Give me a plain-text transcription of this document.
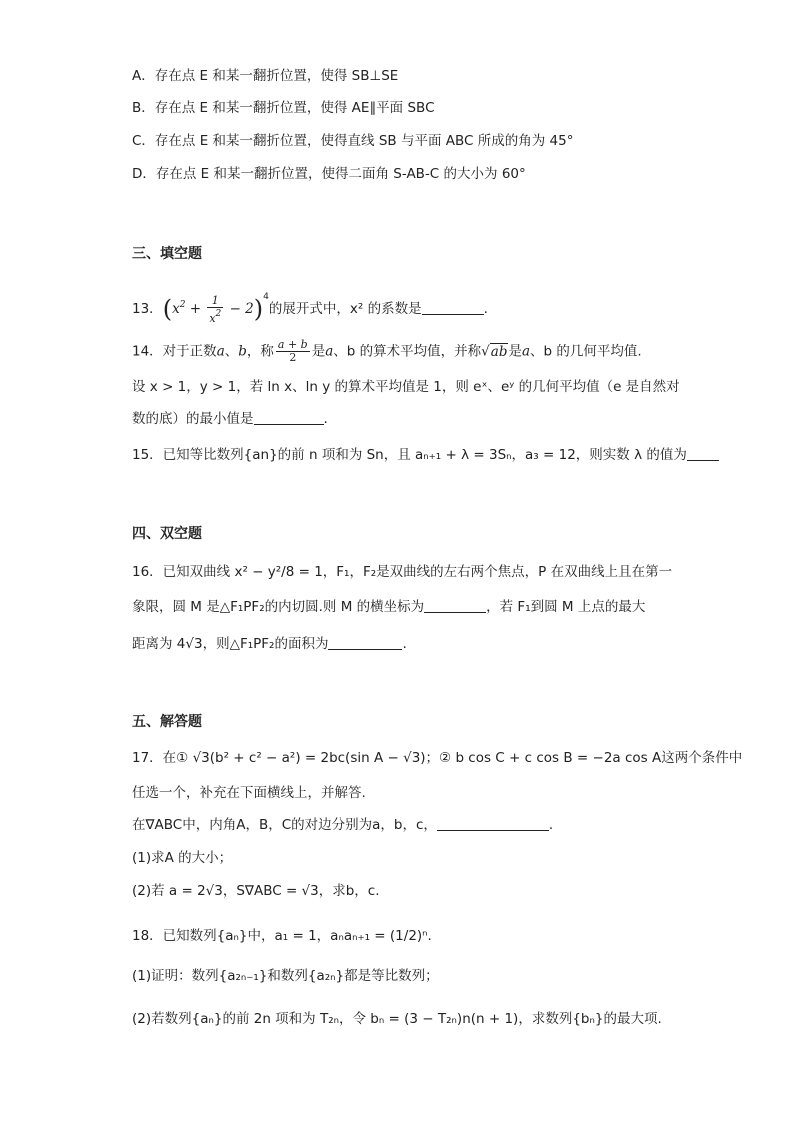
A．存在点 E 和某一翻折位置，使得 SB⊥SE
B．存在点 E 和某一翻折位置，使得 AE∥平面 SBC
C．存在点 E 和某一翻折位置，使得直线 SB 与平面 ABC 所成的角为 45°
D．存在点 E 和某一翻折位置，使得二面角 S-AB-C 的大小为 60°
三、填空题
13．$(x^2 + \frac{1}{x^2} - 2)^4$的展开式中，x² 的系数是	.
14．对于正数a、b，称 $\frac{a + b}{2}$ 是a、b 的算术平均值，并称√ab是a、b 的几何平均值.
设 x > 1，y > 1，若 ln x、ln y 的算术平均值是 1，则 eˣ、eʸ 的几何平均值（e 是自然对
数的底）的最小值是	.
15．已知等比数列{an}的前 n 项和为 Sn，且 aₙ₊₁ + λ = 3Sₙ，a₃ = 12，则实数 λ 的值为
四、双空题
16．已知双曲线 x² − y²/8 = 1，F₁，F₂是双曲线的左右两个焦点，P 在双曲线上且在第一
象限，圆 M 是△F₁PF₂的内切圆.则 M 的横坐标为	，若 F₁到圆 M 上点的最大
距离为 4√3，则△F₁PF₂的面积为	.
五、解答题
17．在① √3(b² + c² − a²) = 2bc(sin A − √3)；② b cos C + c cos B = −2a cos A这两个条件中
任选一个，补充在下面横线上，并解答.
在∇ABC中，内角A，B，C的对边分别为a，b，c，	.
(1)求A 的大小；
(2)若 a = 2√3，S∇ABC = √3，求b，c.
18．已知数列{aₙ}中，a₁ = 1，aₙaₙ₊₁ = (1/2)ⁿ.
(1)证明：数列{a₂ₙ₋₁}和数列{a₂ₙ}都是等比数列；
(2)若数列{aₙ}的前 2n 项和为 T₂ₙ，令 bₙ = (3 − T₂ₙ)n(n + 1)，求数列{bₙ}的最大项.
